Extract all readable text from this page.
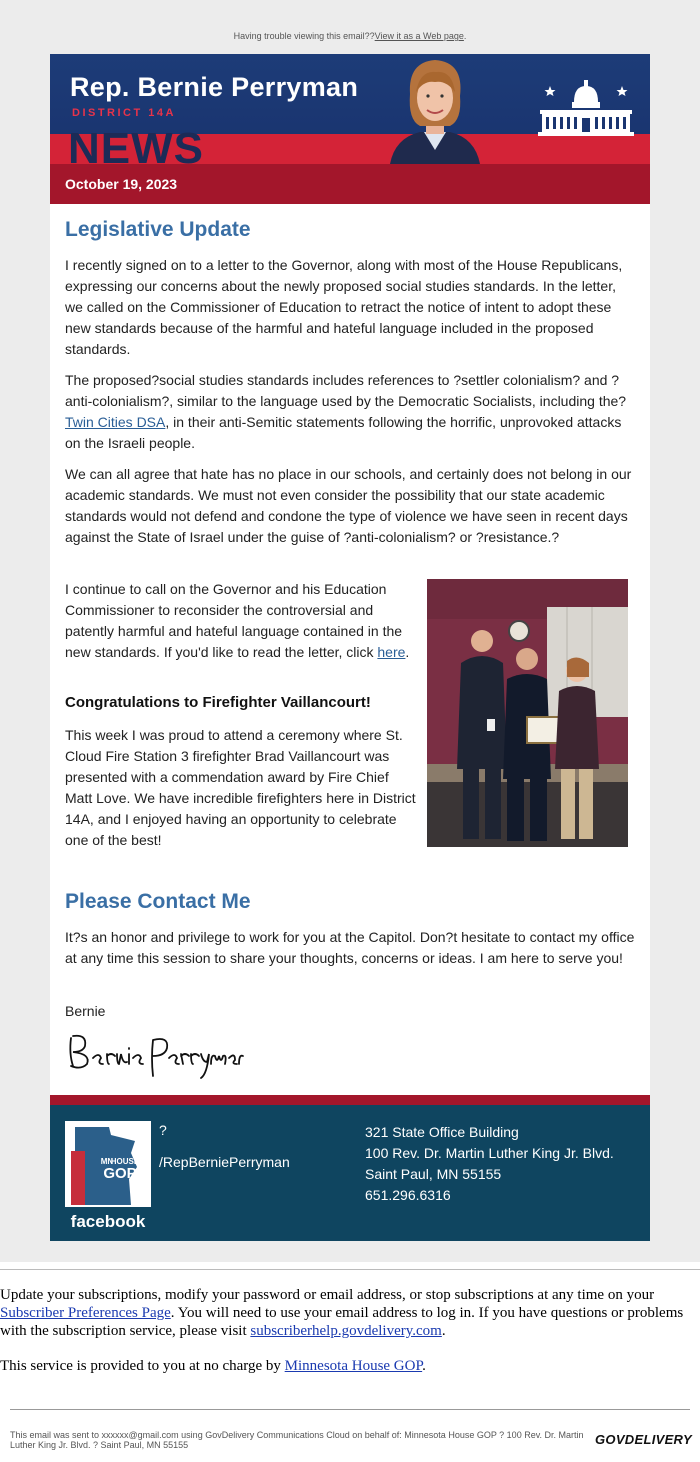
Having trouble viewing this email??View it as a Web page.
NEWS
Rep. Bernie Perryman
DISTRICT 14A
October 19, 2023
Legislative Update

I recently signed on to a letter to the Governor, along with most of the House Republicans, expressing our concerns about the newly proposed social studies standards. In the letter, we called on the Commissioner of Education to retract the notice of intent to adopt these new standards because of the harmful and hateful language included in the proposed standards.

The proposed?social studies standards includes references to ?settler colonialism? and ?anti-colonialism?, similar to the language used by the Democratic Socialists, including the?Twin Cities DSA, in their anti-Semitic statements following the horrific, unprovoked attacks on the Israeli people.

We can all agree that hate has no place in our schools, and certainly does not belong in our academic standards. We must not even consider the possibility that our state academic standards would not defend and condone the type of violence we have seen in recent days against the State of Israel under the guise of ?anti-colonialism? or ?resistance.?

I continue to call on the Governor and his Education Commissioner to reconsider the controversial and patently harmful and hateful language contained in the new standards. If you'd like to read the letter, click here.

Congratulations to Firefighter Vaillancourt!

This week I was proud to attend a ceremony where St. Cloud Fire Station 3 firefighter Brad Vaillancourt was presented with a commendation award by Fire Chief Matt Love. We have incredible firefighters here in District 14A, and I enjoyed having an opportunity to celebrate one of the best!

Please Contact Me

It?s an honor and privilege to work for you at the Capitol. Don?t hesitate to contact my office at any time this session to share your thoughts, concerns or ideas. I am here to serve you!

Bernie

MN
HOUSE
GOP
facebook
?
/RepBerniePerryman
321 State Office Building
100 Rev. Dr. Martin Luther King Jr. Blvd.
Saint Paul, MN 55155
651.296.6316

Update your subscriptions, modify your password or email address, or stop subscriptions at any time on your Subscriber Preferences Page. You will need to use your email address to log in. If you have questions or problems with the subscription service, please visit subscriberhelp.govdelivery.com.

This service is provided to you at no charge by Minnesota House GOP.

This email was sent to xxxxxx@gmail.com using GovDelivery Communications Cloud on behalf of: Minnesota House GOP ? 100 Rev. Dr. Martin Luther King Jr. Blvd. ? Saint Paul, MN 55155	GOVDELIVERY
